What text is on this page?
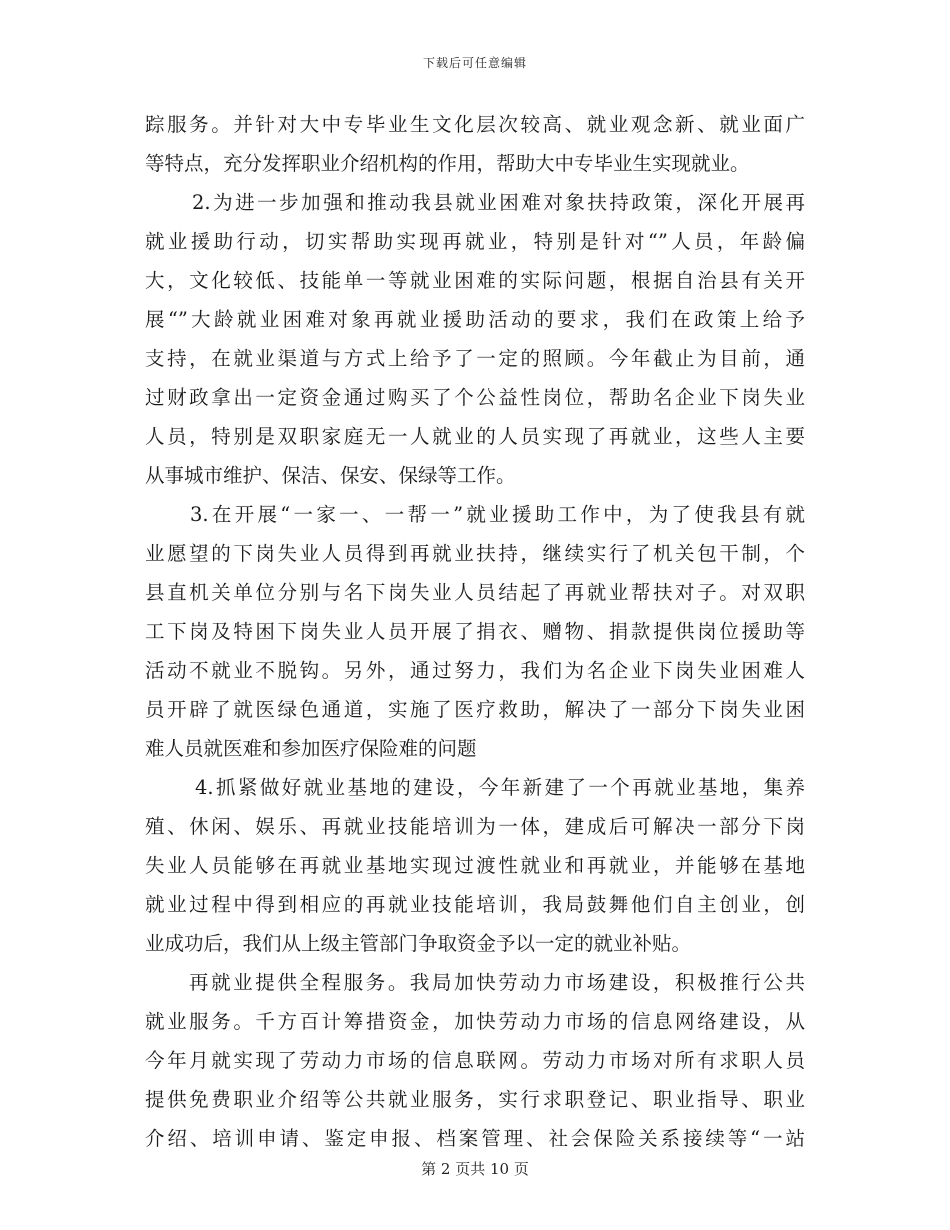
下载后可任意编辑
踪服务。并针对大中专毕业生文化层次较高、就业观念新、就业面广
等特点，充分发挥职业介绍机构的作用，帮助大中专毕业生实现就业。
2.为进一步加强和推动我县就业困难对象扶持政策，深化开展再
就业援助行动，切实帮助实现再就业，特别是针对“”人员，年龄偏
大，文化较低、技能单一等就业困难的实际问题，根据自治县有关开
展“”大龄就业困难对象再就业援助活动的要求，我们在政策上给予
支持，在就业渠道与方式上给予了一定的照顾。今年截止为目前，通
过财政拿出一定资金通过购买了个公益性岗位，帮助名企业下岗失业
人员，特别是双职家庭无一人就业的人员实现了再就业，这些人主要
从事城市维护、保洁、保安、保绿等工作。
3.在开展“一家一、一帮一”就业援助工作中，为了使我县有就
业愿望的下岗失业人员得到再就业扶持，继续实行了机关包干制，个
县直机关单位分别与名下岗失业人员结起了再就业帮扶对子。对双职
工下岗及特困下岗失业人员开展了捐衣、赠物、捐款提供岗位援助等
活动不就业不脱钩。另外，通过努力，我们为名企业下岗失业困难人
员开辟了就医绿色通道，实施了医疗救助，解决了一部分下岗失业困
难人员就医难和参加医疗保险难的问题
4.抓紧做好就业基地的建设，今年新建了一个再就业基地，集养
殖、休闲、娱乐、再就业技能培训为一体，建成后可解决一部分下岗
失业人员能够在再就业基地实现过渡性就业和再就业，并能够在基地
就业过程中得到相应的再就业技能培训，我局鼓舞他们自主创业，创
业成功后，我们从上级主管部门争取资金予以一定的就业补贴。
再就业提供全程服务。我局加快劳动力市场建设，积极推行公共
就业服务。千方百计筹措资金，加快劳动力市场的信息网络建设，从
今年月就实现了劳动力市场的信息联网。劳动力市场对所有求职人员
提供免费职业介绍等公共就业服务，实行求职登记、职业指导、职业
介绍、培训申请、鉴定申报、档案管理、社会保险关系接续等“一站
第 2 页共 10 页
